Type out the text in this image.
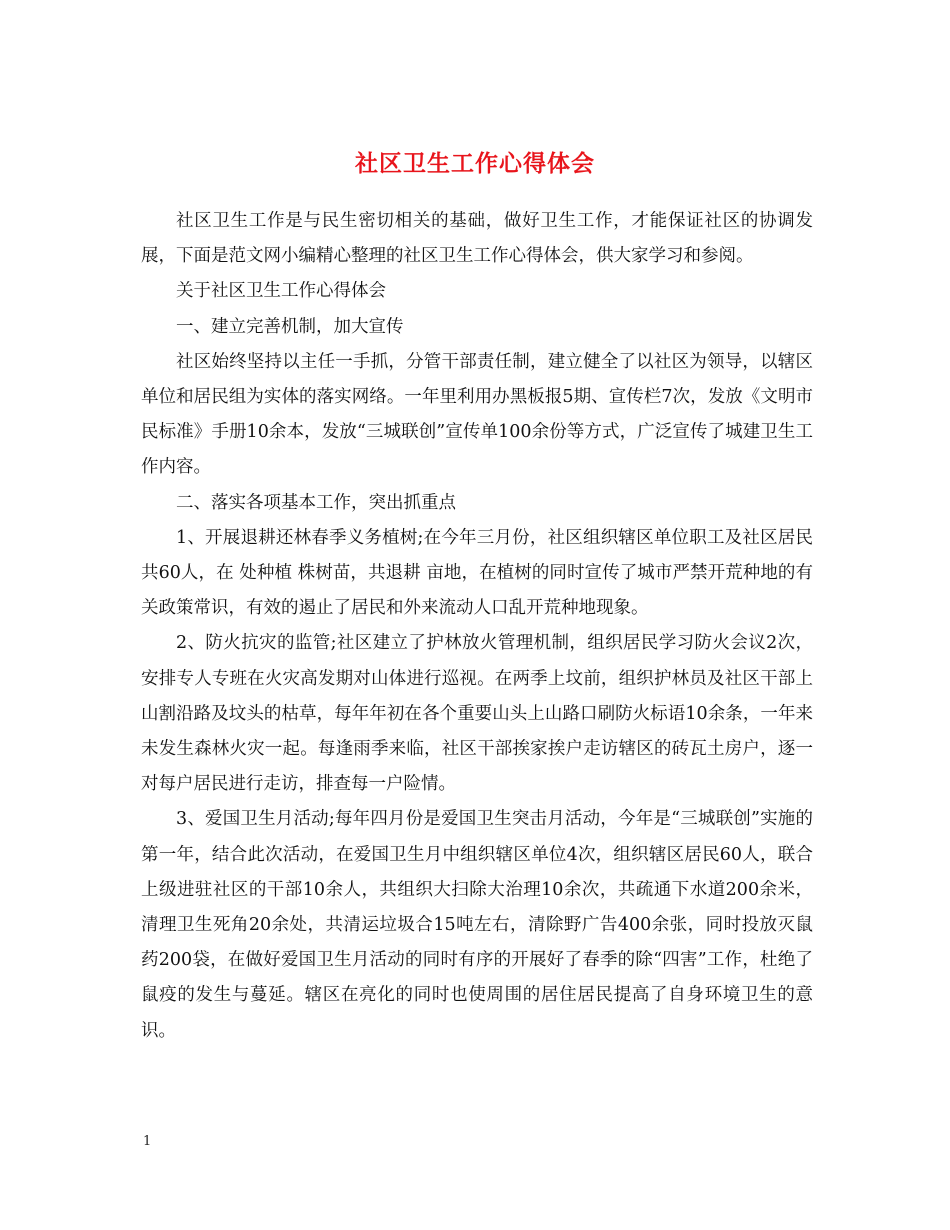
社区卫生工作心得体会

社区卫生工作是与民生密切相关的基础，做好卫生工作，才能保证社区的协调发展，下面是范文网小编精心整理的社区卫生工作心得体会，供大家学习和参阅。

关于社区卫生工作心得体会

一、建立完善机制，加大宣传

社区始终坚持以主任一手抓，分管干部责任制，建立健全了以社区为领导，以辖区单位和居民组为实体的落实网络。一年里利用办黑板报5期、宣传栏7次，发放《文明市民标准》手册10余本，发放“三城联创”宣传单100余份等方式，广泛宣传了城建卫生工作内容。

二、落实各项基本工作，突出抓重点

1、开展退耕还林春季义务植树;在今年三月份，社区组织辖区单位职工及社区居民共60人，在 处种植 株树苗，共退耕 亩地，在植树的同时宣传了城市严禁开荒种地的有关政策常识，有效的遏止了居民和外来流动人口乱开荒种地现象。

2、防火抗灾的监管;社区建立了护林放火管理机制，组织居民学习防火会议2次，安排专人专班在火灾高发期对山体进行巡视。在两季上坟前，组织护林员及社区干部上山割沿路及坟头的枯草，每年年初在各个重要山头上山路口刷防火标语10余条，一年来未发生森林火灾一起。每逢雨季来临，社区干部挨家挨户走访辖区的砖瓦土房户，逐一对每户居民进行走访，排查每一户险情。

3、爱国卫生月活动;每年四月份是爱国卫生突击月活动，今年是“三城联创”实施的第一年，结合此次活动，在爱国卫生月中组织辖区单位4次，组织辖区居民60人，联合上级进驻社区的干部10余人，共组织大扫除大治理10余次，共疏通下水道200余米，清理卫生死角20余处，共清运垃圾合15吨左右，清除野广告400余张，同时投放灭鼠药200袋，在做好爱国卫生月活动的同时有序的开展好了春季的除“四害”工作，杜绝了鼠疫的发生与蔓延。辖区在亮化的同时也使周围的居住居民提高了自身环境卫生的意识。

1
